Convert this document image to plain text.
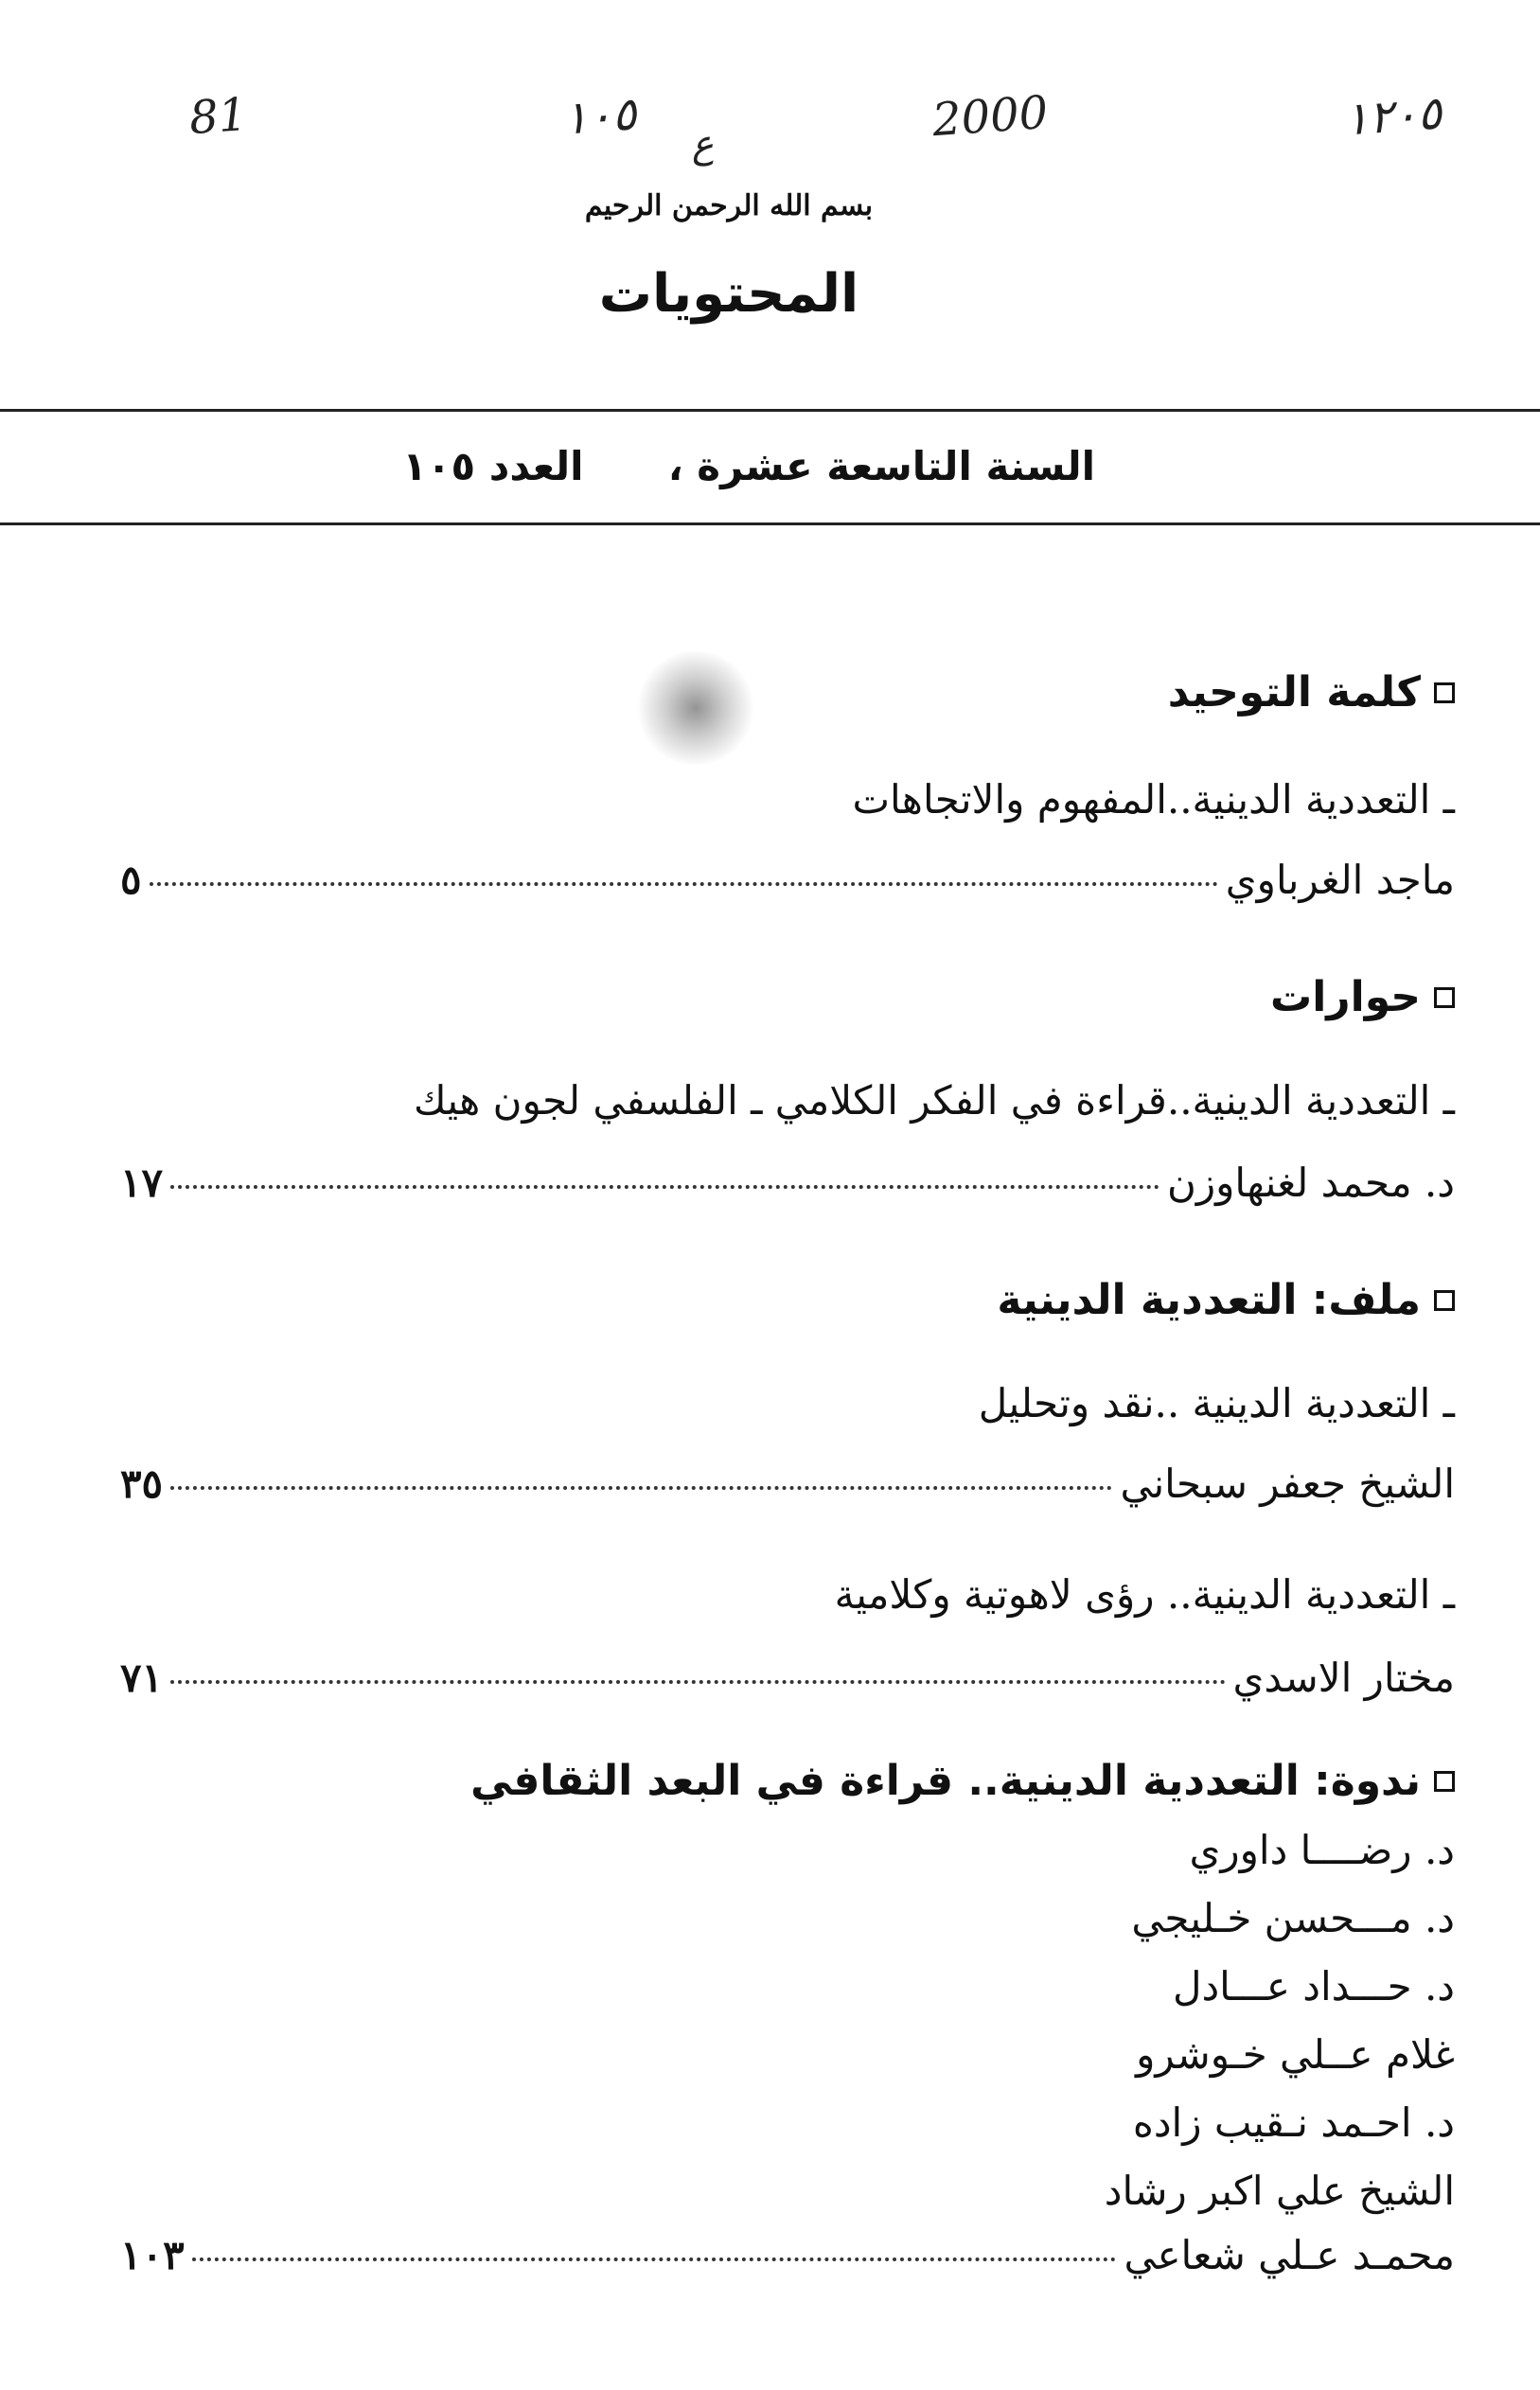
81	١٠٥ ع	2000	١٢٠٥
بسم الله الرحمن الرحيم
المحتويات
السنة التاسعة عشرة ،  العدد ١٠٥
كلمة التوحيد
ـ التعددية الدينية..المفهوم والاتجاهات
ماجد الغرباوي
٥
حوارات
ـ التعددية الدينية..قراءة في الفكر الكلامي ـ الفلسفي لجون هيك
د. محمد لغنهاوزن
١٧
ملف: التعددية الدينية
ـ التعددية الدينية ..نقد وتحليل
الشيخ جعفر سبحاني
٣٥
ـ التعددية الدينية.. رؤى لاهوتية وكلامية
مختار الاسدي
٧١
ندوة: التعددية الدينية.. قراءة في البعد الثقافي
د. رضــــا داوري
د. مـــحسن خـليجي
د. حـــداد عـــادل
غلام عــلي خـوشرو
د. احـمد نـقيب زاده
الشيخ علي اكبر رشاد
محمـد عـلي شعاعي
١٠٣
